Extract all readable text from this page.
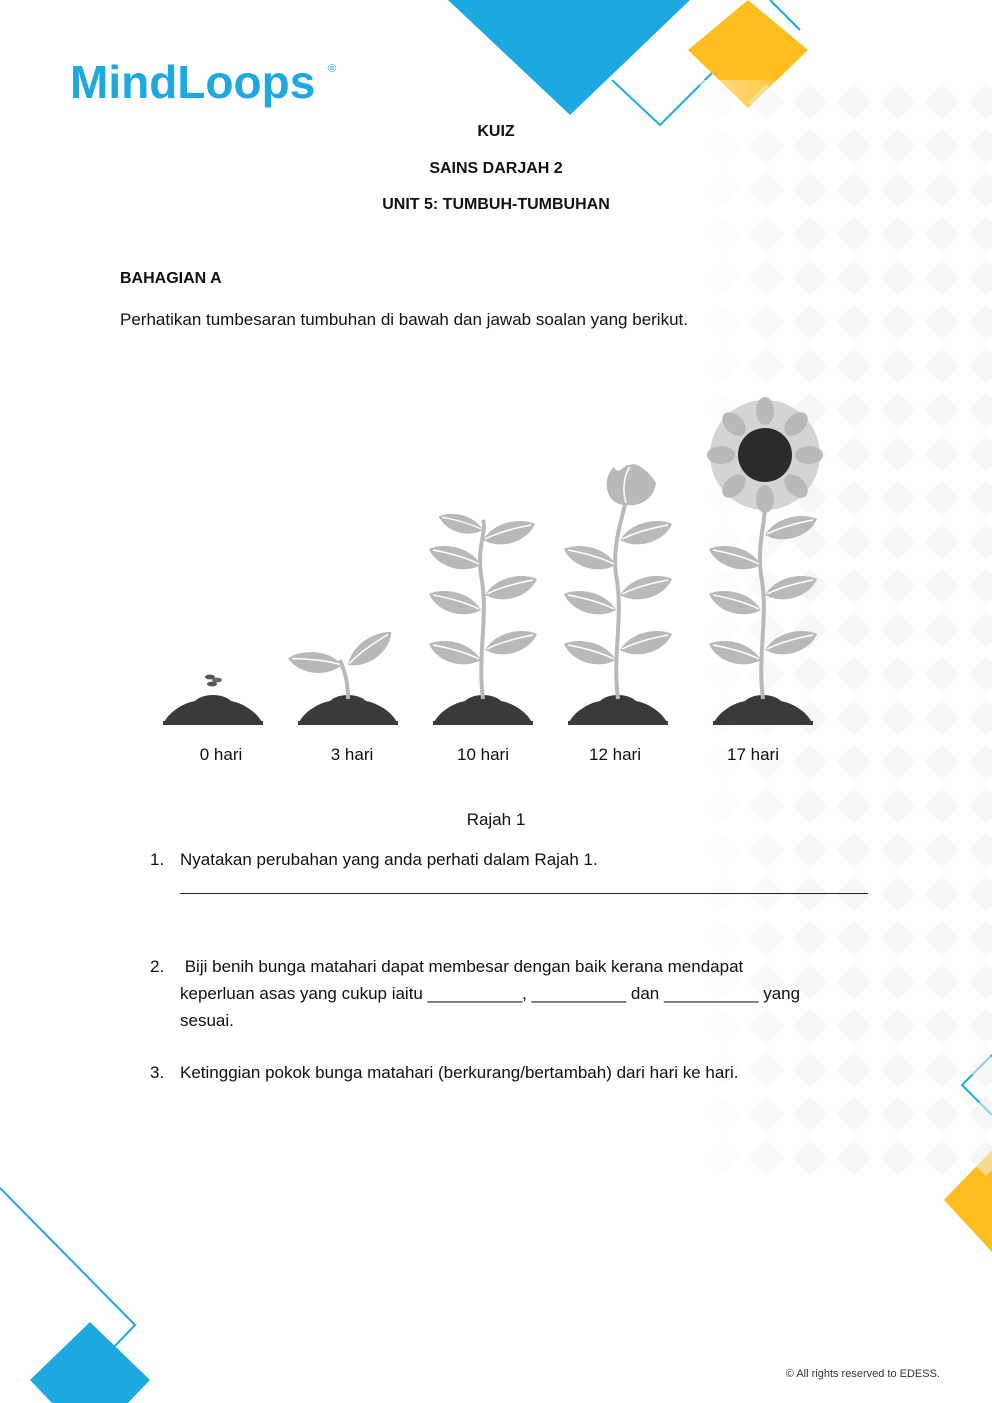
MindLoops ®
KUIZ
SAINS DARJAH 2
UNIT 5: TUMBUH-TUMBUHAN
BAHAGIAN A
Perhatikan tumbesaran tumbuhan di bawah dan jawab soalan yang berikut.
0 hari	3 hari	10 hari	12 hari	17 hari
Rajah 1
1. Nyatakan perubahan yang anda perhati dalam Rajah 1.
2. Biji benih bunga matahari dapat membesar dengan baik kerana mendapat
keperluan asas yang cukup iaitu __________, __________ dan __________ yang
sesuai.
3. Ketinggian pokok bunga matahari (berkurang/bertambah) dari hari ke hari.
© All rights reserved to EDESS.
